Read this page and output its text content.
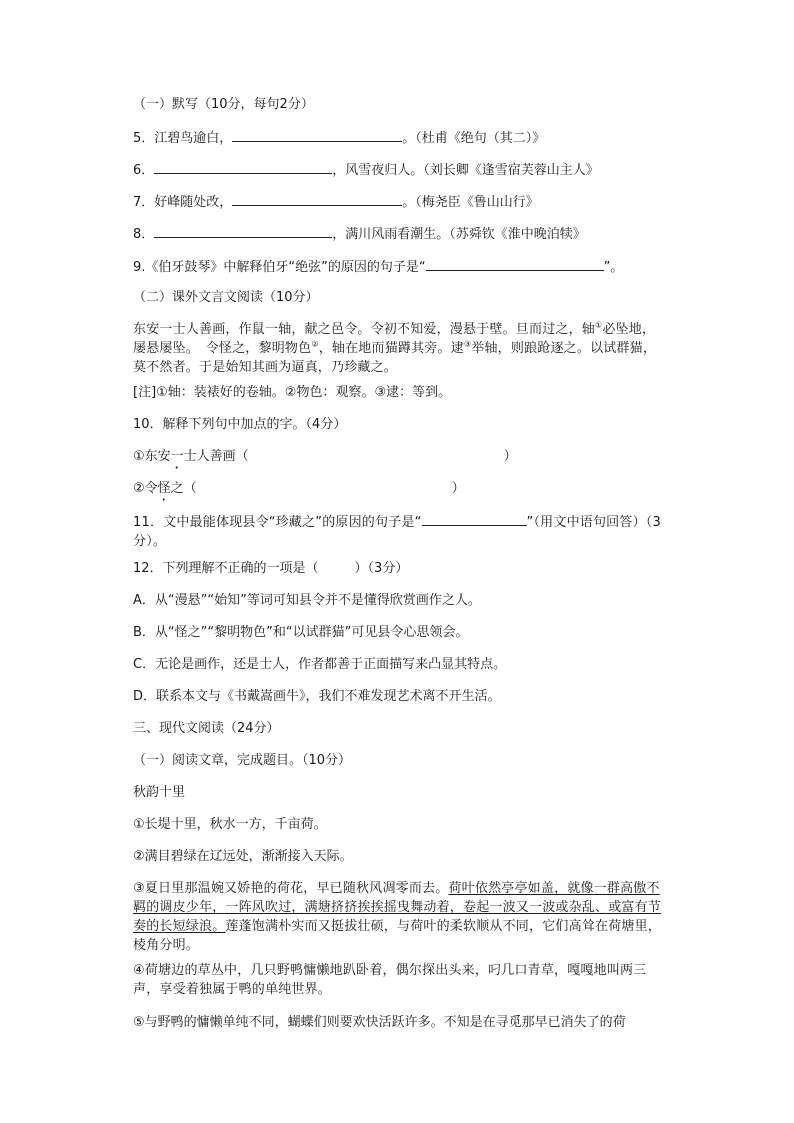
（一）默写（10分，每句2分）
5．江碧鸟逾白，	。（杜甫《绝句（其二）》
6．	，风雪夜归人。（刘长卿《逢雪宿芙蓉山主人》
7．好峰随处改，	。（梅尧臣《鲁山山行》
8．	，满川风雨看潮生。（苏舜钦《淮中晚泊犊》
9.《伯牙鼓琴》中解释伯牙“绝弦”的原因的句子是“	”。
（二）课外文言文阅读（10分）
东安一士人善画，作鼠一轴，献之邑令。令初不知爱，漫悬于壁。旦而过之，轴①必坠地，屡悬屡坠。　令怪之，黎明物色②，轴在地而猫蹲其旁。逮③举轴，则踉跄逐之。以试群猫，莫不然者。于是始知其画为逼真，乃珍藏之。
[注]①轴：装裱好的卷轴。②物色：观察。③逮：等到。
10．解释下列句中加点的字。（4分）
①东安一士人善画（	）
②令怪之（	）
11．文中最能体现县令“珍藏之”的原因的句子是“	”（用文中语句回答）（3分）。
12．下列理解不正确的一项是（	）（3分）
A．从“漫悬”“始知”等词可知县令并不是懂得欣赏画作之人。
B．从“怪之”“黎明物色”和“以试群猫”可见县令心思领会。
C．无论是画作，还是士人，作者都善于正面描写来凸显其特点。
D．联系本文与《书戴嵩画牛》，我们不难发现艺术离不开生活。
三、现代文阅读（24分）
（一）阅读文章，完成题目。（10分）
秋韵十里
①长堤十里，秋水一方，千亩荷。
②满目碧绿在辽远处，渐渐接入天际。
③夏日里那温婉又娇艳的荷花，早已随秋风凋零而去。荷叶依然亭亭如盖，就像一群高傲不羁的调皮少年，一阵风吹过，满塘挤挤挨挨摇曳舞动着，卷起一波又一波或杂乱、或富有节奏的长短绿浪。莲蓬饱满朴实而又挺拔壮硕，与荷叶的柔软顺从不同，它们高耸在荷塘里，棱角分明。
④荷塘边的草丛中，几只野鸭慵懒地趴卧着，偶尔探出头来，叼几口青草，嘎嘎地叫两三声，享受着独属于鸭的单纯世界。
⑤与野鸭的慵懒单纯不同，蝴蝶们则要欢快活跃许多。不知是在寻觅那早已消失了的荷
